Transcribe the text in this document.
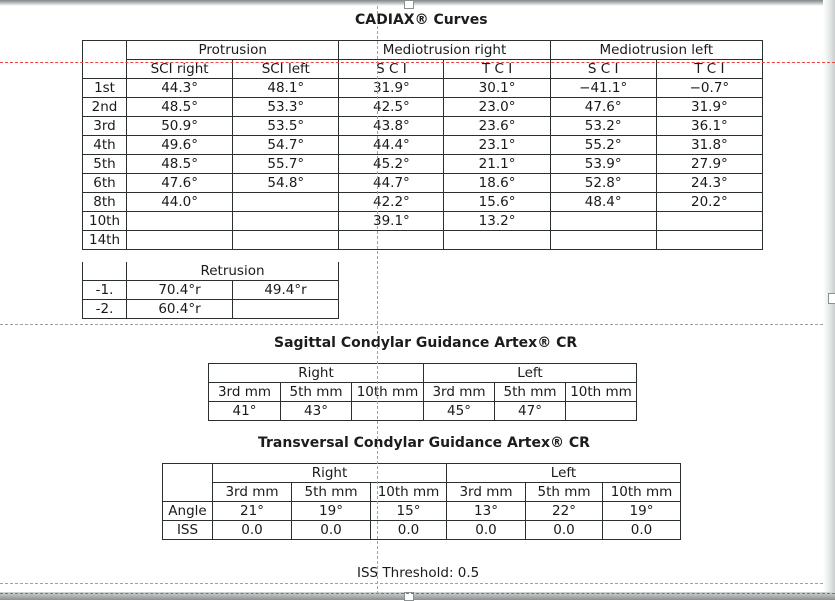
CADIAX® Curves
	Protrusion		Mediotrusion right		Mediotrusion left	
	SCI right	SCI left	S C I	T C I	S C I	T C I
1st	44.3°	48.1°	31.9°	30.1°	−41.1°	−0.7°
2nd	48.5°	53.3°	42.5°	23.0°	47.6°	31.9°
3rd	50.9°	53.5°	43.8°	23.6°	53.2°	36.1°
4th	49.6°	54.7°	44.4°	23.1°	55.2°	31.8°
5th	48.5°	55.7°	45.2°	21.1°	53.9°	27.9°
6th	47.6°	54.8°	44.7°	18.6°	52.8°	24.3°
8th	44.0°		42.2°	15.6°	48.4°	20.2°
10th			39.1°	13.2°		
14th						
	Retrusion	
-1.	70.4°r	49.4°r
-2.	60.4°r	
Sagittal Condylar Guidance Artex® CR
Right			Left		
3rd mm	5th mm	10th mm	3rd mm	5th mm	10th mm
41°	43°		45°	47°	
Transversal Condylar Guidance Artex® CR
	Right			Left		
	3rd mm	5th mm	10th mm	3rd mm	5th mm	10th mm
Angle	21°	19°	15°	13°	22°	19°
ISS	0.0	0.0	0.0	0.0	0.0	0.0
ISS Threshold: 0.5
